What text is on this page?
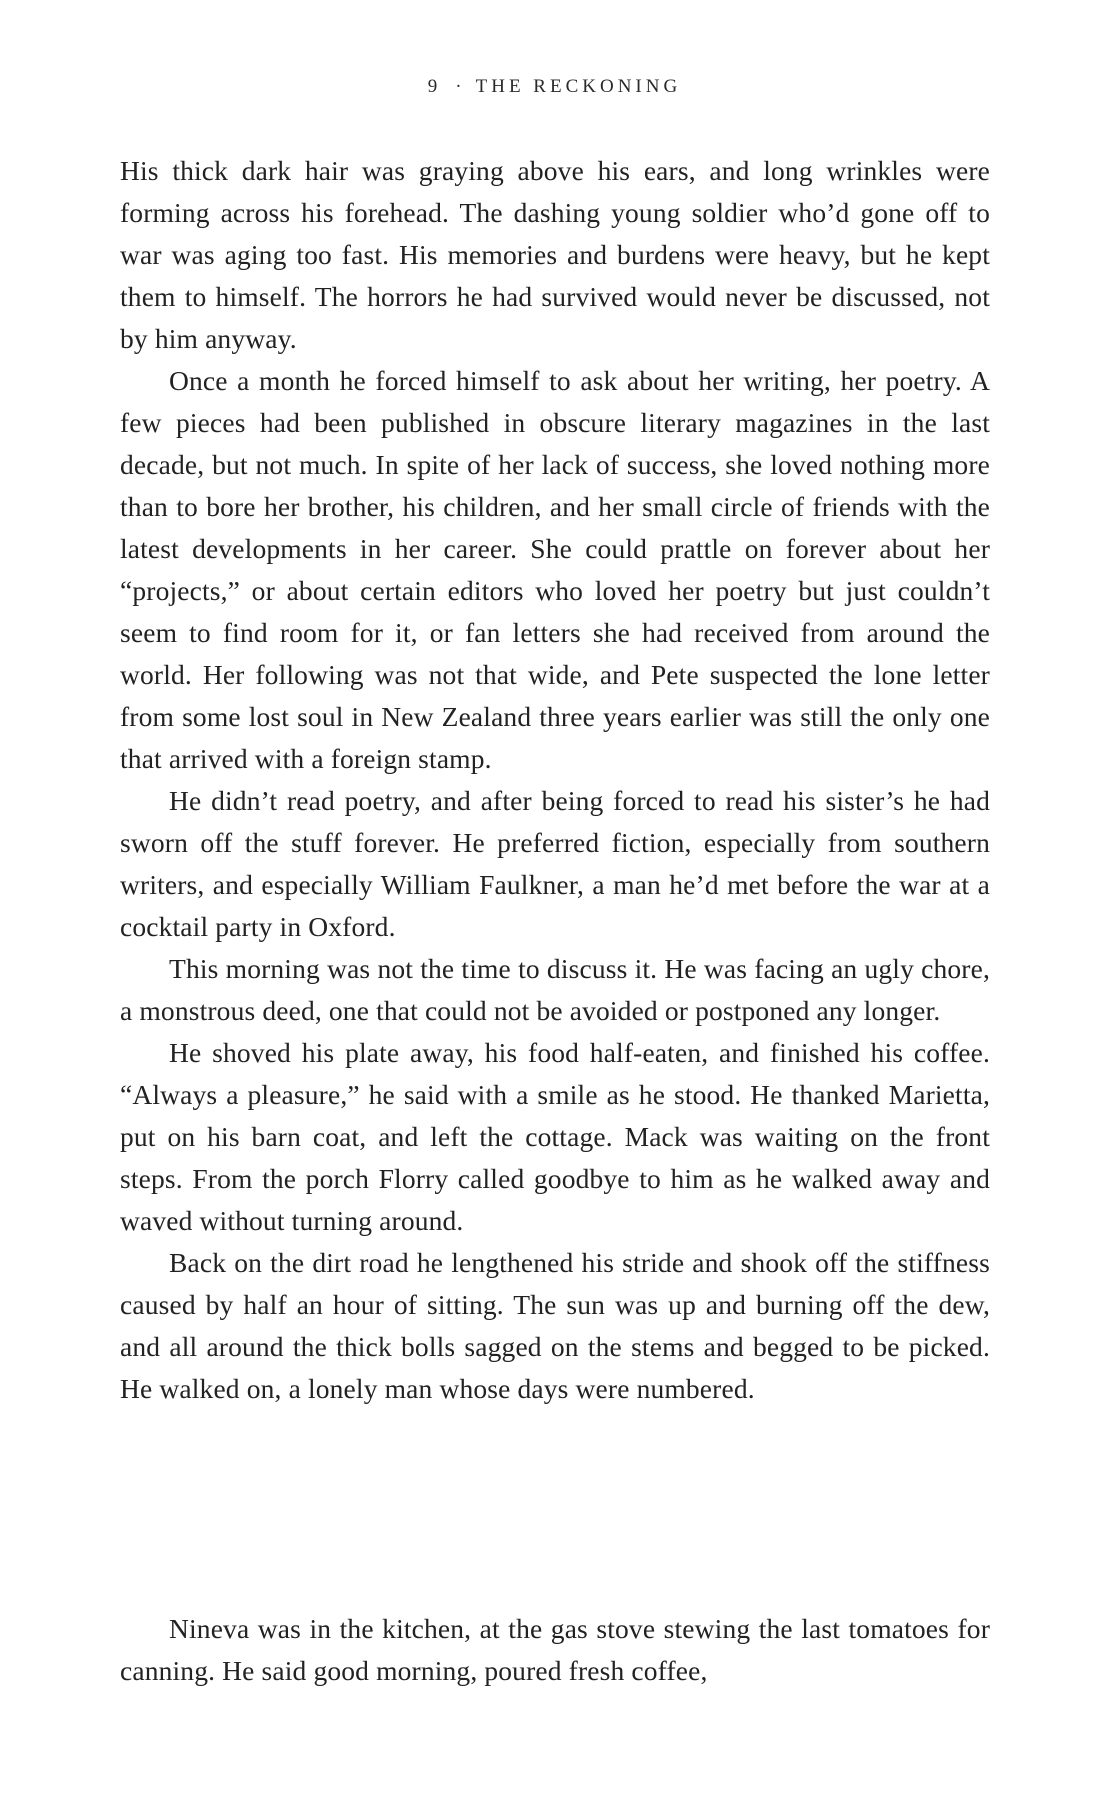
9 · THE RECKONING

His thick dark hair was graying above his ears, and long wrinkles were forming across his forehead. The dashing young soldier who’d gone off to war was aging too fast. His memories and burdens were heavy, but he kept them to himself. The horrors he had survived would never be discussed, not by him anyway.

Once a month he forced himself to ask about her writing, her poetry. A few pieces had been published in obscure literary magazines in the last decade, but not much. In spite of her lack of success, she loved nothing more than to bore her brother, his children, and her small circle of friends with the latest developments in her career. She could prattle on forever about her “projects,” or about certain editors who loved her poetry but just couldn’t seem to find room for it, or fan letters she had received from around the world. Her following was not that wide, and Pete suspected the lone letter from some lost soul in New Zealand three years earlier was still the only one that arrived with a foreign stamp.

He didn’t read poetry, and after being forced to read his sister’s he had sworn off the stuff forever. He preferred fiction, especially from southern writers, and especially William Faulkner, a man he’d met before the war at a cocktail party in Oxford.

This morning was not the time to discuss it. He was facing an ugly chore, a monstrous deed, one that could not be avoided or postponed any longer.

He shoved his plate away, his food half-eaten, and finished his coffee. “Always a pleasure,” he said with a smile as he stood. He thanked Marietta, put on his barn coat, and left the cottage. Mack was waiting on the front steps. From the porch Florry called goodbye to him as he walked away and waved without turning around.

Back on the dirt road he lengthened his stride and shook off the stiffness caused by half an hour of sitting. The sun was up and burning off the dew, and all around the thick bolls sagged on the stems and begged to be picked. He walked on, a lonely man whose days were numbered.

Nineva was in the kitchen, at the gas stove stewing the last tomatoes for canning. He said good morning, poured fresh coffee,
